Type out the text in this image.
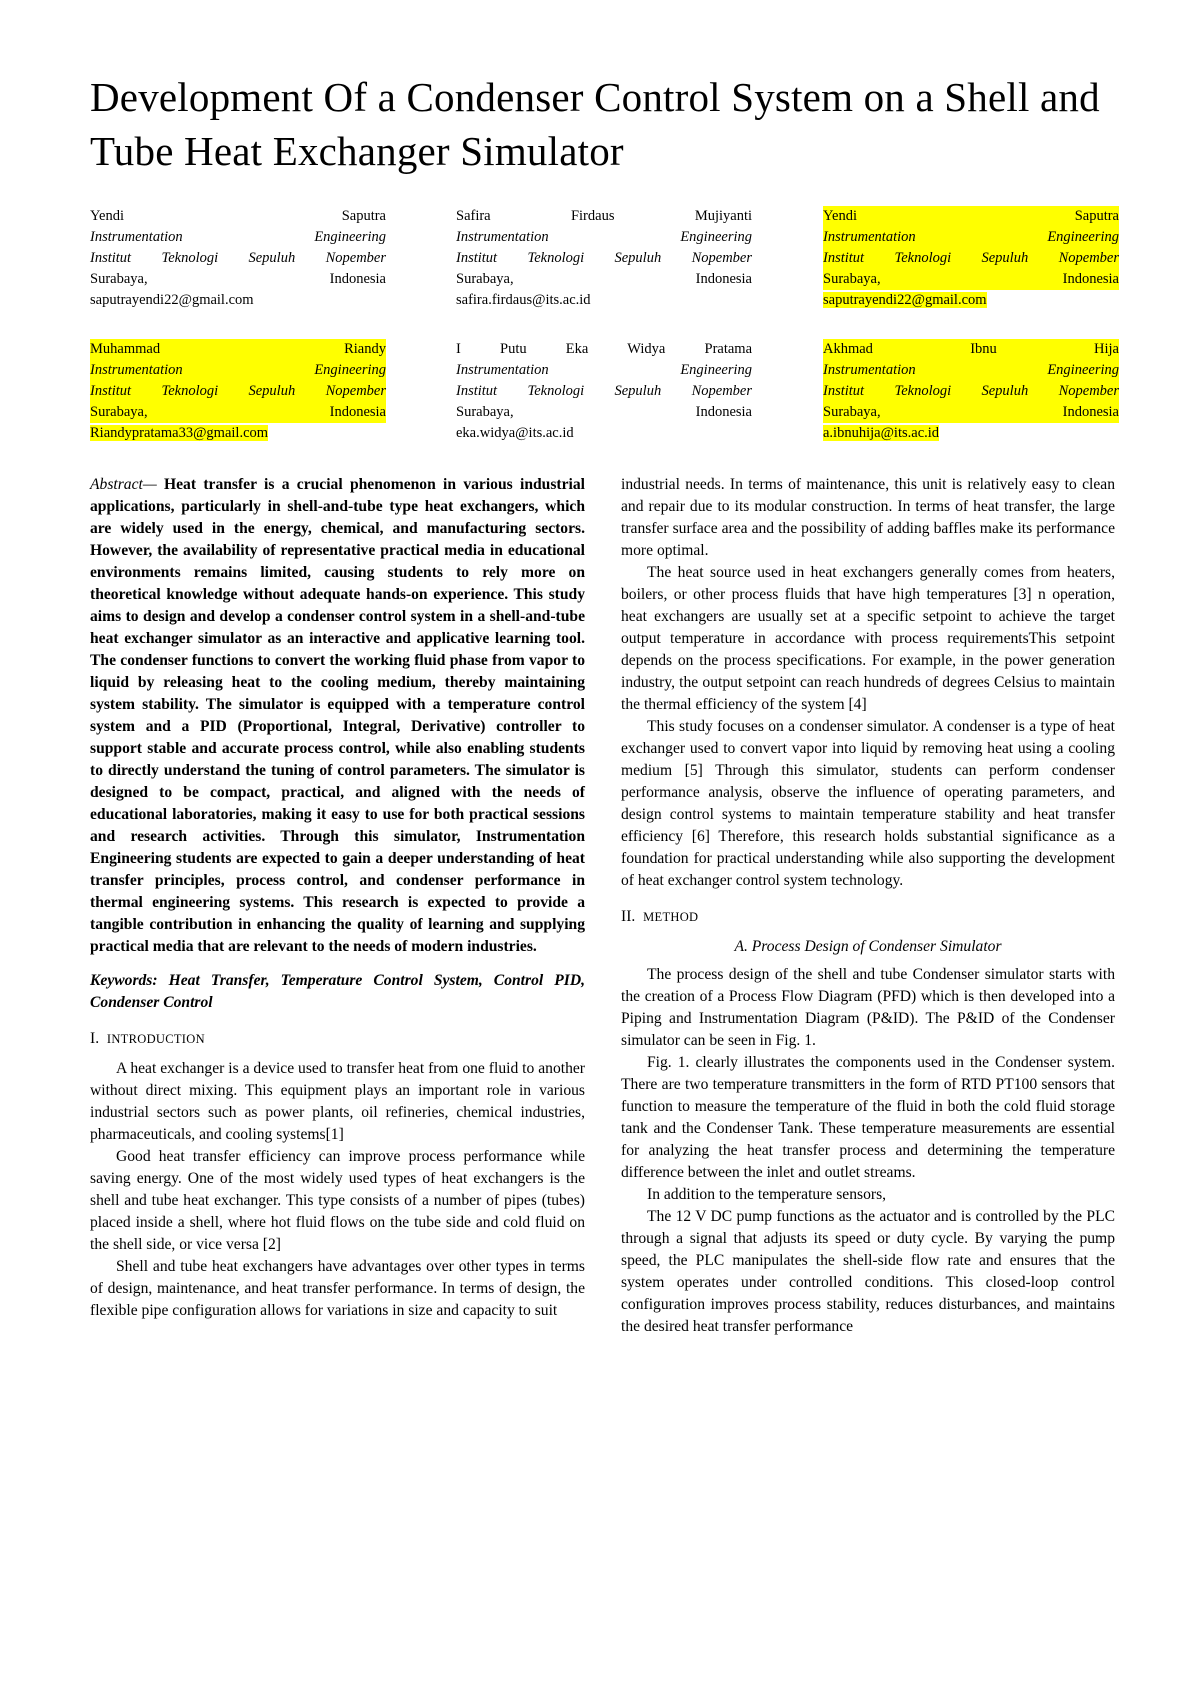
Development Of a Condenser Control System on a Shell and Tube Heat Exchanger Simulator
Yendi	Saputra
Instrumentation	Engineering
Institut Teknologi Sepuluh Nopember
Surabaya,	Indonesia
saputrayendi22@gmail.com
Safira	Firdaus	Mujiyanti
Instrumentation	Engineering
Institut Teknologi Sepuluh Nopember
Surabaya,	Indonesia
safira.firdaus@its.ac.id
Yendi	Saputra
Instrumentation	Engineering
Institut Teknologi Sepuluh Nopember
Surabaya,	Indonesia
saputrayendi22@gmail.com
Muhammad	Riandy
Instrumentation	Engineering
Institut Teknologi Sepuluh Nopember
Surabaya,	Indonesia
Riandypratama33@gmail.com
I Putu	Eka Widya	Pratama
Instrumentation	Engineering
Institut Teknologi Sepuluh Nopember
Surabaya,	Indonesia
eka.widya@its.ac.id
Akhmad	Ibnu	Hija
Instrumentation	Engineering
Institut Teknologi Sepuluh Nopember
Surabaya,	Indonesia
a.ibnuhija@its.ac.id

Abstract— Heat transfer is a crucial phenomenon in various industrial applications, particularly in shell-and-tube type heat exchangers, which are widely used in the energy, chemical, and manufacturing sectors. However, the availability of representative practical media in educational environments remains limited, causing students to rely more on theoretical knowledge without adequate hands-on experience. This study aims to design and develop a condenser control system in a shell-and-tube heat exchanger simulator as an interactive and applicative learning tool. The condenser functions to convert the working fluid phase from vapor to liquid by releasing heat to the cooling medium, thereby maintaining system stability. The simulator is equipped with a temperature control system and a PID (Proportional, Integral, Derivative) controller to support stable and accurate process control, while also enabling students to directly understand the tuning of control parameters. The simulator is designed to be compact, practical, and aligned with the needs of educational laboratories, making it easy to use for both practical sessions and research activities. Through this simulator, Instrumentation Engineering students are expected to gain a deeper understanding of heat transfer principles, process control, and condenser performance in thermal engineering systems. This research is expected to provide a tangible contribution in enhancing the quality of learning and supplying practical media that are relevant to the needs of modern industries.

Keywords: Heat Transfer, Temperature Control System, Control PID, Condenser Control

I. INTRODUCTION

A heat exchanger is a device used to transfer heat from one fluid to another without direct mixing. This equipment plays an important role in various industrial sectors such as power plants, oil refineries, chemical industries, pharmaceuticals, and cooling systems[1]

Good heat transfer efficiency can improve process performance while saving energy. One of the most widely used types of heat exchangers is the shell and tube heat exchanger. This type consists of a number of pipes (tubes) placed inside a shell, where hot fluid flows on the tube side and cold fluid on the shell side, or vice versa [2]

Shell and tube heat exchangers have advantages over other types in terms of design, maintenance, and heat transfer performance. In terms of design, the flexible pipe configuration allows for variations in size and capacity to suit

industrial needs. In terms of maintenance, this unit is relatively easy to clean and repair due to its modular construction. In terms of heat transfer, the large transfer surface area and the possibility of adding baffles make its performance more optimal.

The heat source used in heat exchangers generally comes from heaters, boilers, or other process fluids that have high temperatures [3] n operation, heat exchangers are usually set at a specific setpoint to achieve the target output temperature in accordance with process requirementsThis setpoint depends on the process specifications. For example, in the power generation industry, the output setpoint can reach hundreds of degrees Celsius to maintain the thermal efficiency of the system [4]

This study focuses on a condenser simulator. A condenser is a type of heat exchanger used to convert vapor into liquid by removing heat using a cooling medium [5] Through this simulator, students can perform condenser performance analysis, observe the influence of operating parameters, and design control systems to maintain temperature stability and heat transfer efficiency [6] Therefore, this research holds substantial significance as a foundation for practical understanding while also supporting the development of heat exchanger control system technology.

II. METHOD

A. Process Design of Condenser Simulator

The process design of the shell and tube Condenser simulator starts with the creation of a Process Flow Diagram (PFD) which is then developed into a Piping and Instrumentation Diagram (P&ID). The P&ID of the Condenser simulator can be seen in Fig. 1.

Fig. 1. clearly illustrates the components used in the Condenser system. There are two temperature transmitters in the form of RTD PT100 sensors that function to measure the temperature of the fluid in both the cold fluid storage tank and the Condenser Tank. These temperature measurements are essential for analyzing the heat transfer process and determining the temperature difference between the inlet and outlet streams.

In addition to the temperature sensors,

The 12 V DC pump functions as the actuator and is controlled by the PLC through a signal that adjusts its speed or duty cycle. By varying the pump speed, the PLC manipulates the shell-side flow rate and ensures that the system operates under controlled conditions. This closed-loop control configuration improves process stability, reduces disturbances, and maintains the desired heat transfer performance
